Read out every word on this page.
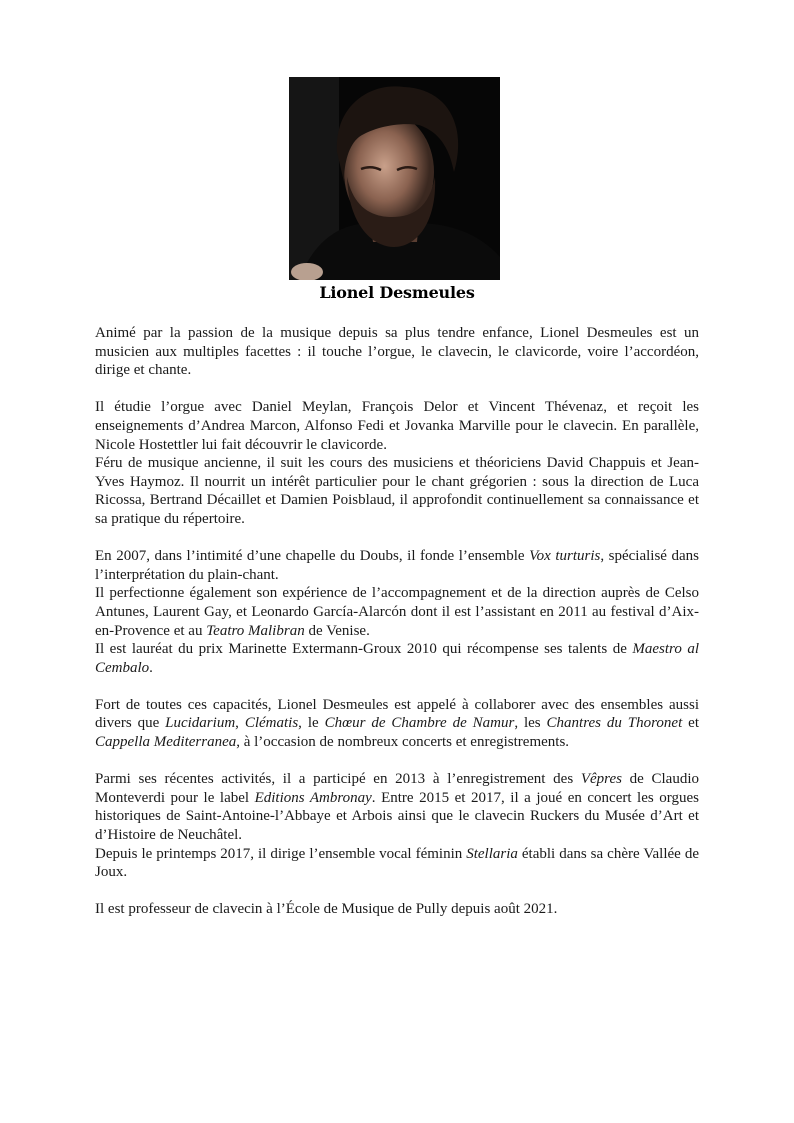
Lionel Desmeules

Animé par la passion de la musique depuis sa plus tendre enfance, Lionel Desmeules est un musicien aux multiples facettes : il touche l’orgue, le clavecin, le clavicorde, voire l’accordéon, dirige et chante.

Il étudie l’orgue avec Daniel Meylan, François Delor et Vincent Thévenaz, et reçoit les enseignements d’Andrea Marcon, Alfonso Fedi et Jovanka Marville pour le clavecin. En parallèle, Nicole Hostettler lui fait découvrir le clavicorde.

Féru de musique ancienne, il suit les cours des musiciens et théoriciens David Chappuis et Jean-Yves Haymoz. Il nourrit un intérêt particulier pour le chant grégorien : sous la direction de Luca Ricossa, Bertrand Décaillet et Damien Poisblaud, il approfondit continuellement sa connaissance et sa pratique du répertoire.

En 2007, dans l’intimité d’une chapelle du Doubs, il fonde l’ensemble Vox turturis, spécialisé dans l’interprétation du plain-chant.

Il perfectionne également son expérience de l’accompagnement et de la direction auprès de Celso Antunes, Laurent Gay, et Leonardo García-Alarcón dont il est l’assistant en 2011 au festival d’Aix-en-Provence et au Teatro Malibran de Venise.

Il est lauréat du prix Marinette Extermann-Groux 2010 qui récompense ses talents de Maestro al Cembalo.

Fort de toutes ces capacités, Lionel Desmeules est appelé à collaborer avec des ensembles aussi divers que Lucidarium, Clématis, le Chœur de Chambre de Namur, les Chantres du Thoronet et Cappella Mediterranea, à l’occasion de nombreux concerts et enregistrements.

Parmi ses récentes activités, il a participé en 2013 à l’enregistrement des Vêpres de Claudio Monteverdi pour le label Editions Ambronay. Entre 2015 et 2017, il a joué en concert les orgues historiques de Saint-Antoine-l’Abbaye et Arbois ainsi que le clavecin Ruckers du Musée d’Art et d’Histoire de Neuchâtel.

Depuis le printemps 2017, il dirige l’ensemble vocal féminin Stellaria établi dans sa chère Vallée de Joux.

Il est professeur de clavecin à l’École de Musique de Pully depuis août 2021.
